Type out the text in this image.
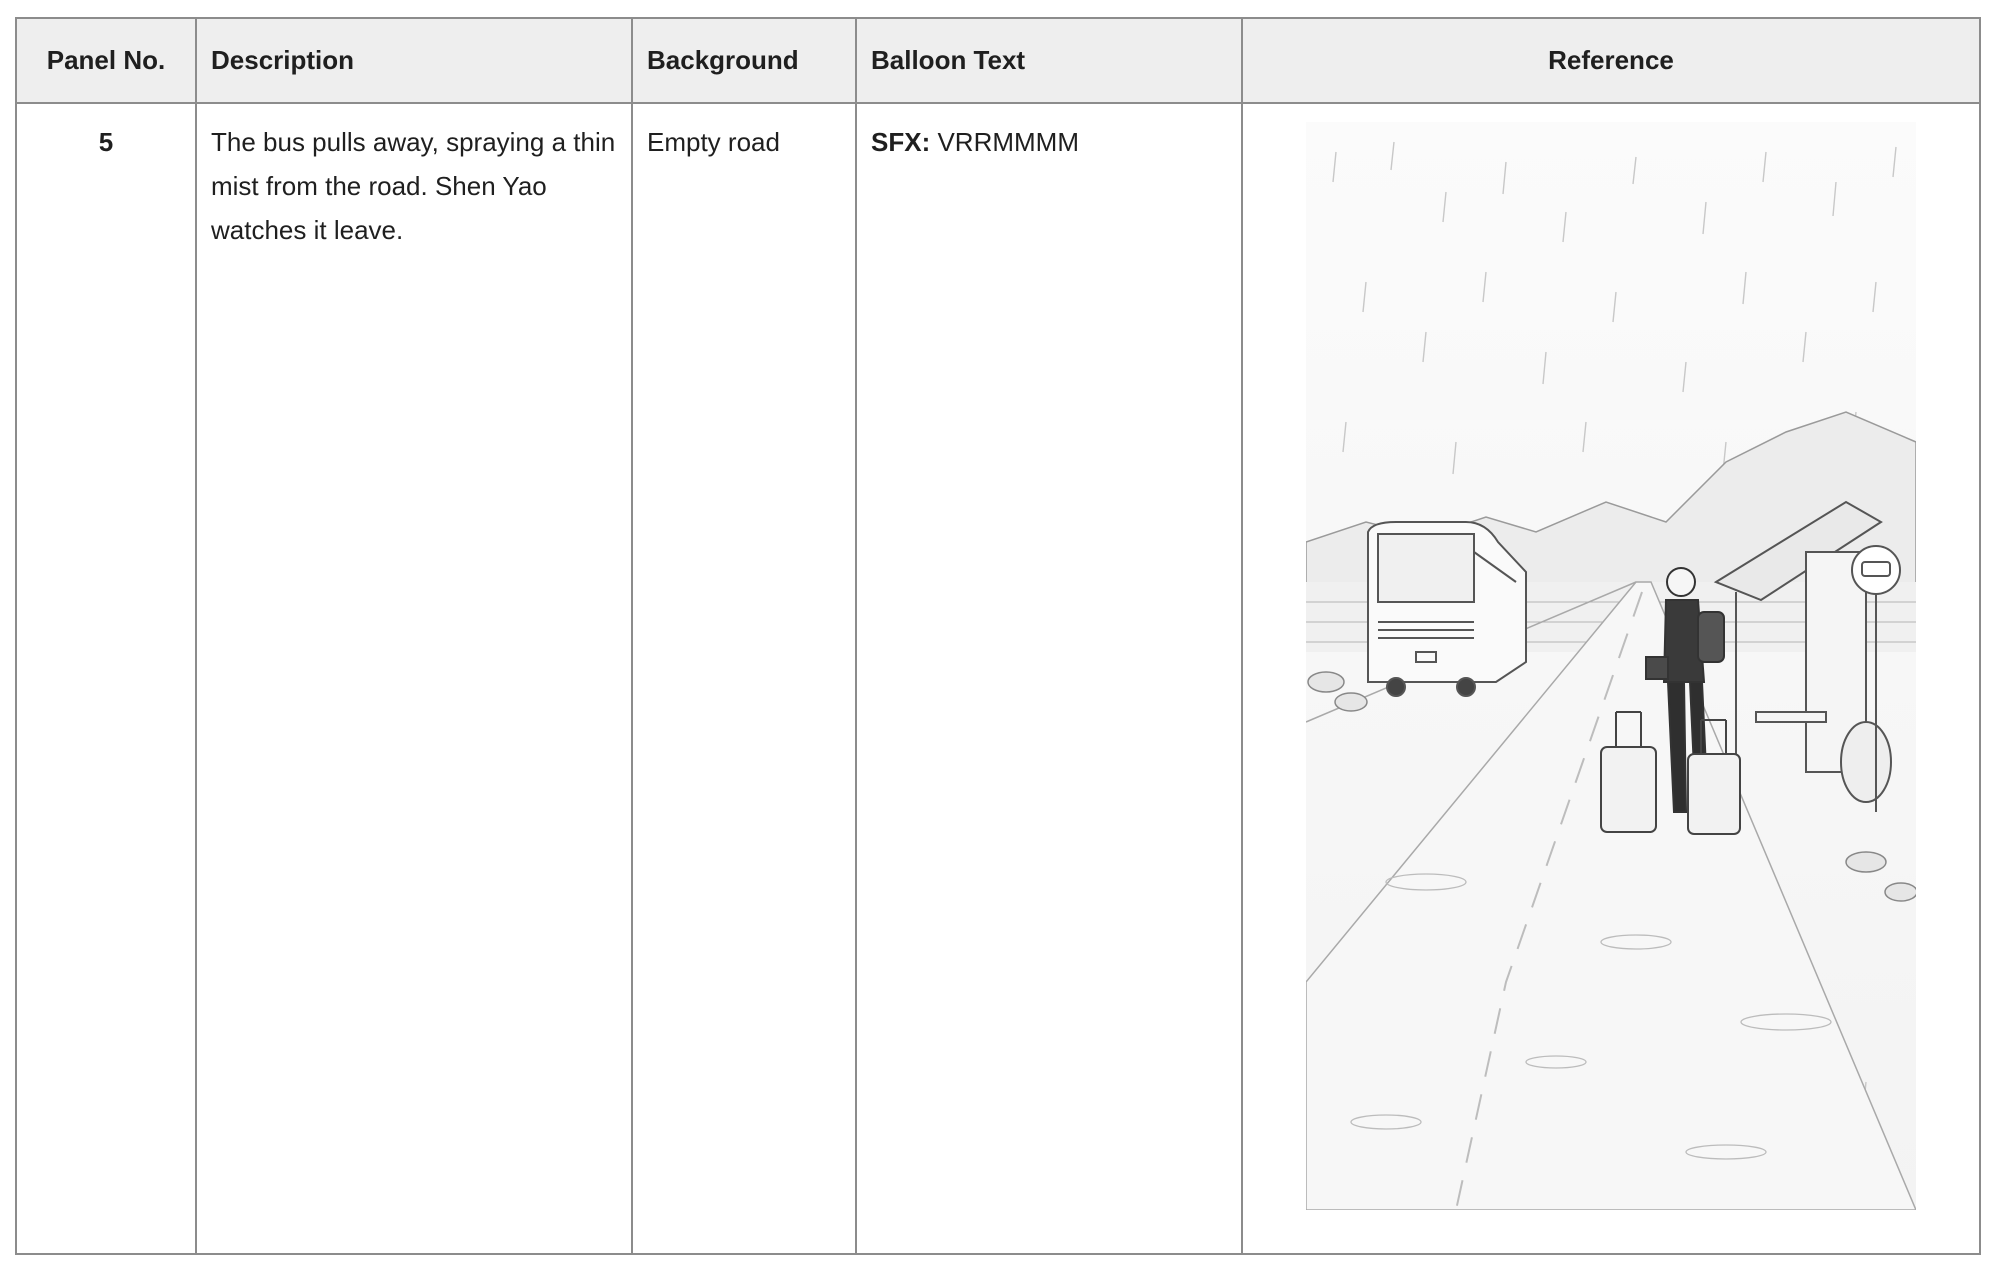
Panel No.	Description	Background	Balloon Text	Reference
5	The bus pulls away, spraying a thin mist from the road. Shen Yao watches it leave.	Empty road	SFX: VRRMMMM	
